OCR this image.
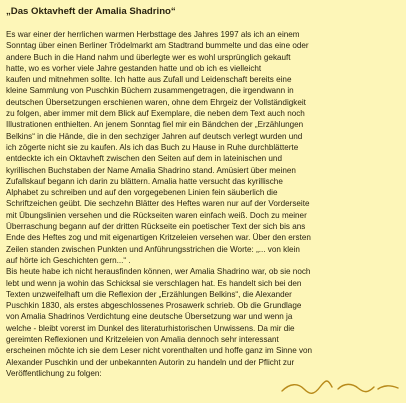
„Das Oktavheft der Amalia Shadrino“

Es war einer der herrlichen warmen Herbsttage des Jahres 1997 als ich an einem
Sonntag über einen Berliner Trödelmarkt am Stadtrand bummelte und das eine oder
andere Buch in die Hand nahm und überlegte wer es wohl ursprünglich gekauft
hatte, wo es vorher viele Jahre gestanden hatte und ob ich es vielleicht
kaufen und mitnehmen sollte. Ich hatte aus Zufall und Leidenschaft bereits eine
kleine Sammlung von Puschkin Büchern zusammengetragen, die irgendwann in
deutschen Übersetzungen erschienen waren, ohne dem Ehrgeiz der Vollständigkeit
zu folgen, aber immer mit dem Blick auf Exemplare, die neben dem Text auch noch
Illustrationen enthielten. An jenem Sonntag fiel mir ein Bändchen der „Erzählungen
Belkins“ in die Hände, die in den sechziger Jahren auf deutsch verlegt wurden und
ich zögerte nicht sie zu kaufen. Als ich das Buch zu Hause in Ruhe durchblätterte
entdeckte ich ein Oktavheft zwischen den Seiten auf dem in lateinischen und
kyrillischen Buchstaben der Name Amalia Shadrino stand. Amüsiert über meinen
Zufallskauf begann ich darin zu blättern. Amalia hatte versucht das kyrillische
Alphabet zu schreiben und auf den vorgegebenen Linien fein säuberlich die
Schriftzeichen geübt. Die sechzehn Blätter des Heftes waren nur auf der Vorderseite
mit Übungslinien versehen und die Rückseiten waren einfach weiß. Doch zu meiner
Überraschung begann auf der dritten Rückseite ein poetischer Text der sich bis ans
Ende des Heftes zog und mit eigenartigen Kritzeleien versehen war. Über den ersten
Zeilen standen zwischen Punkten und Anführungsstrichen die Worte: „... von klein
auf hörte ich Geschichten gern...“ .
Bis heute habe ich nicht herausfinden können, wer Amalia Shadrino war, ob sie noch
lebt und wenn ja wohin das Schicksal sie verschlagen hat. Es handelt sich bei den
Texten unzweifelhaft um die Reflexion der „Erzählungen Belkins“, die Alexander
Puschkin 1830, als erstes abgeschlossenes Prosawerk schrieb. Ob die Grundlage
von Amalia Shadrinos Verdichtung eine deutsche Übersetzung war und wenn ja
welche - bleibt vorerst im Dunkel des literaturhistorischen Unwissens. Da mir die
gereimten Reflexionen und Kritzeleien von Amalia dennoch sehr interessant
erscheinen möchte ich sie dem Leser nicht vorenthalten und hoffe ganz im Sinne von
Alexander Puschkin und der unbekannten Autorin zu handeln und der Pflicht zur
Veröffentlichung zu folgen:
